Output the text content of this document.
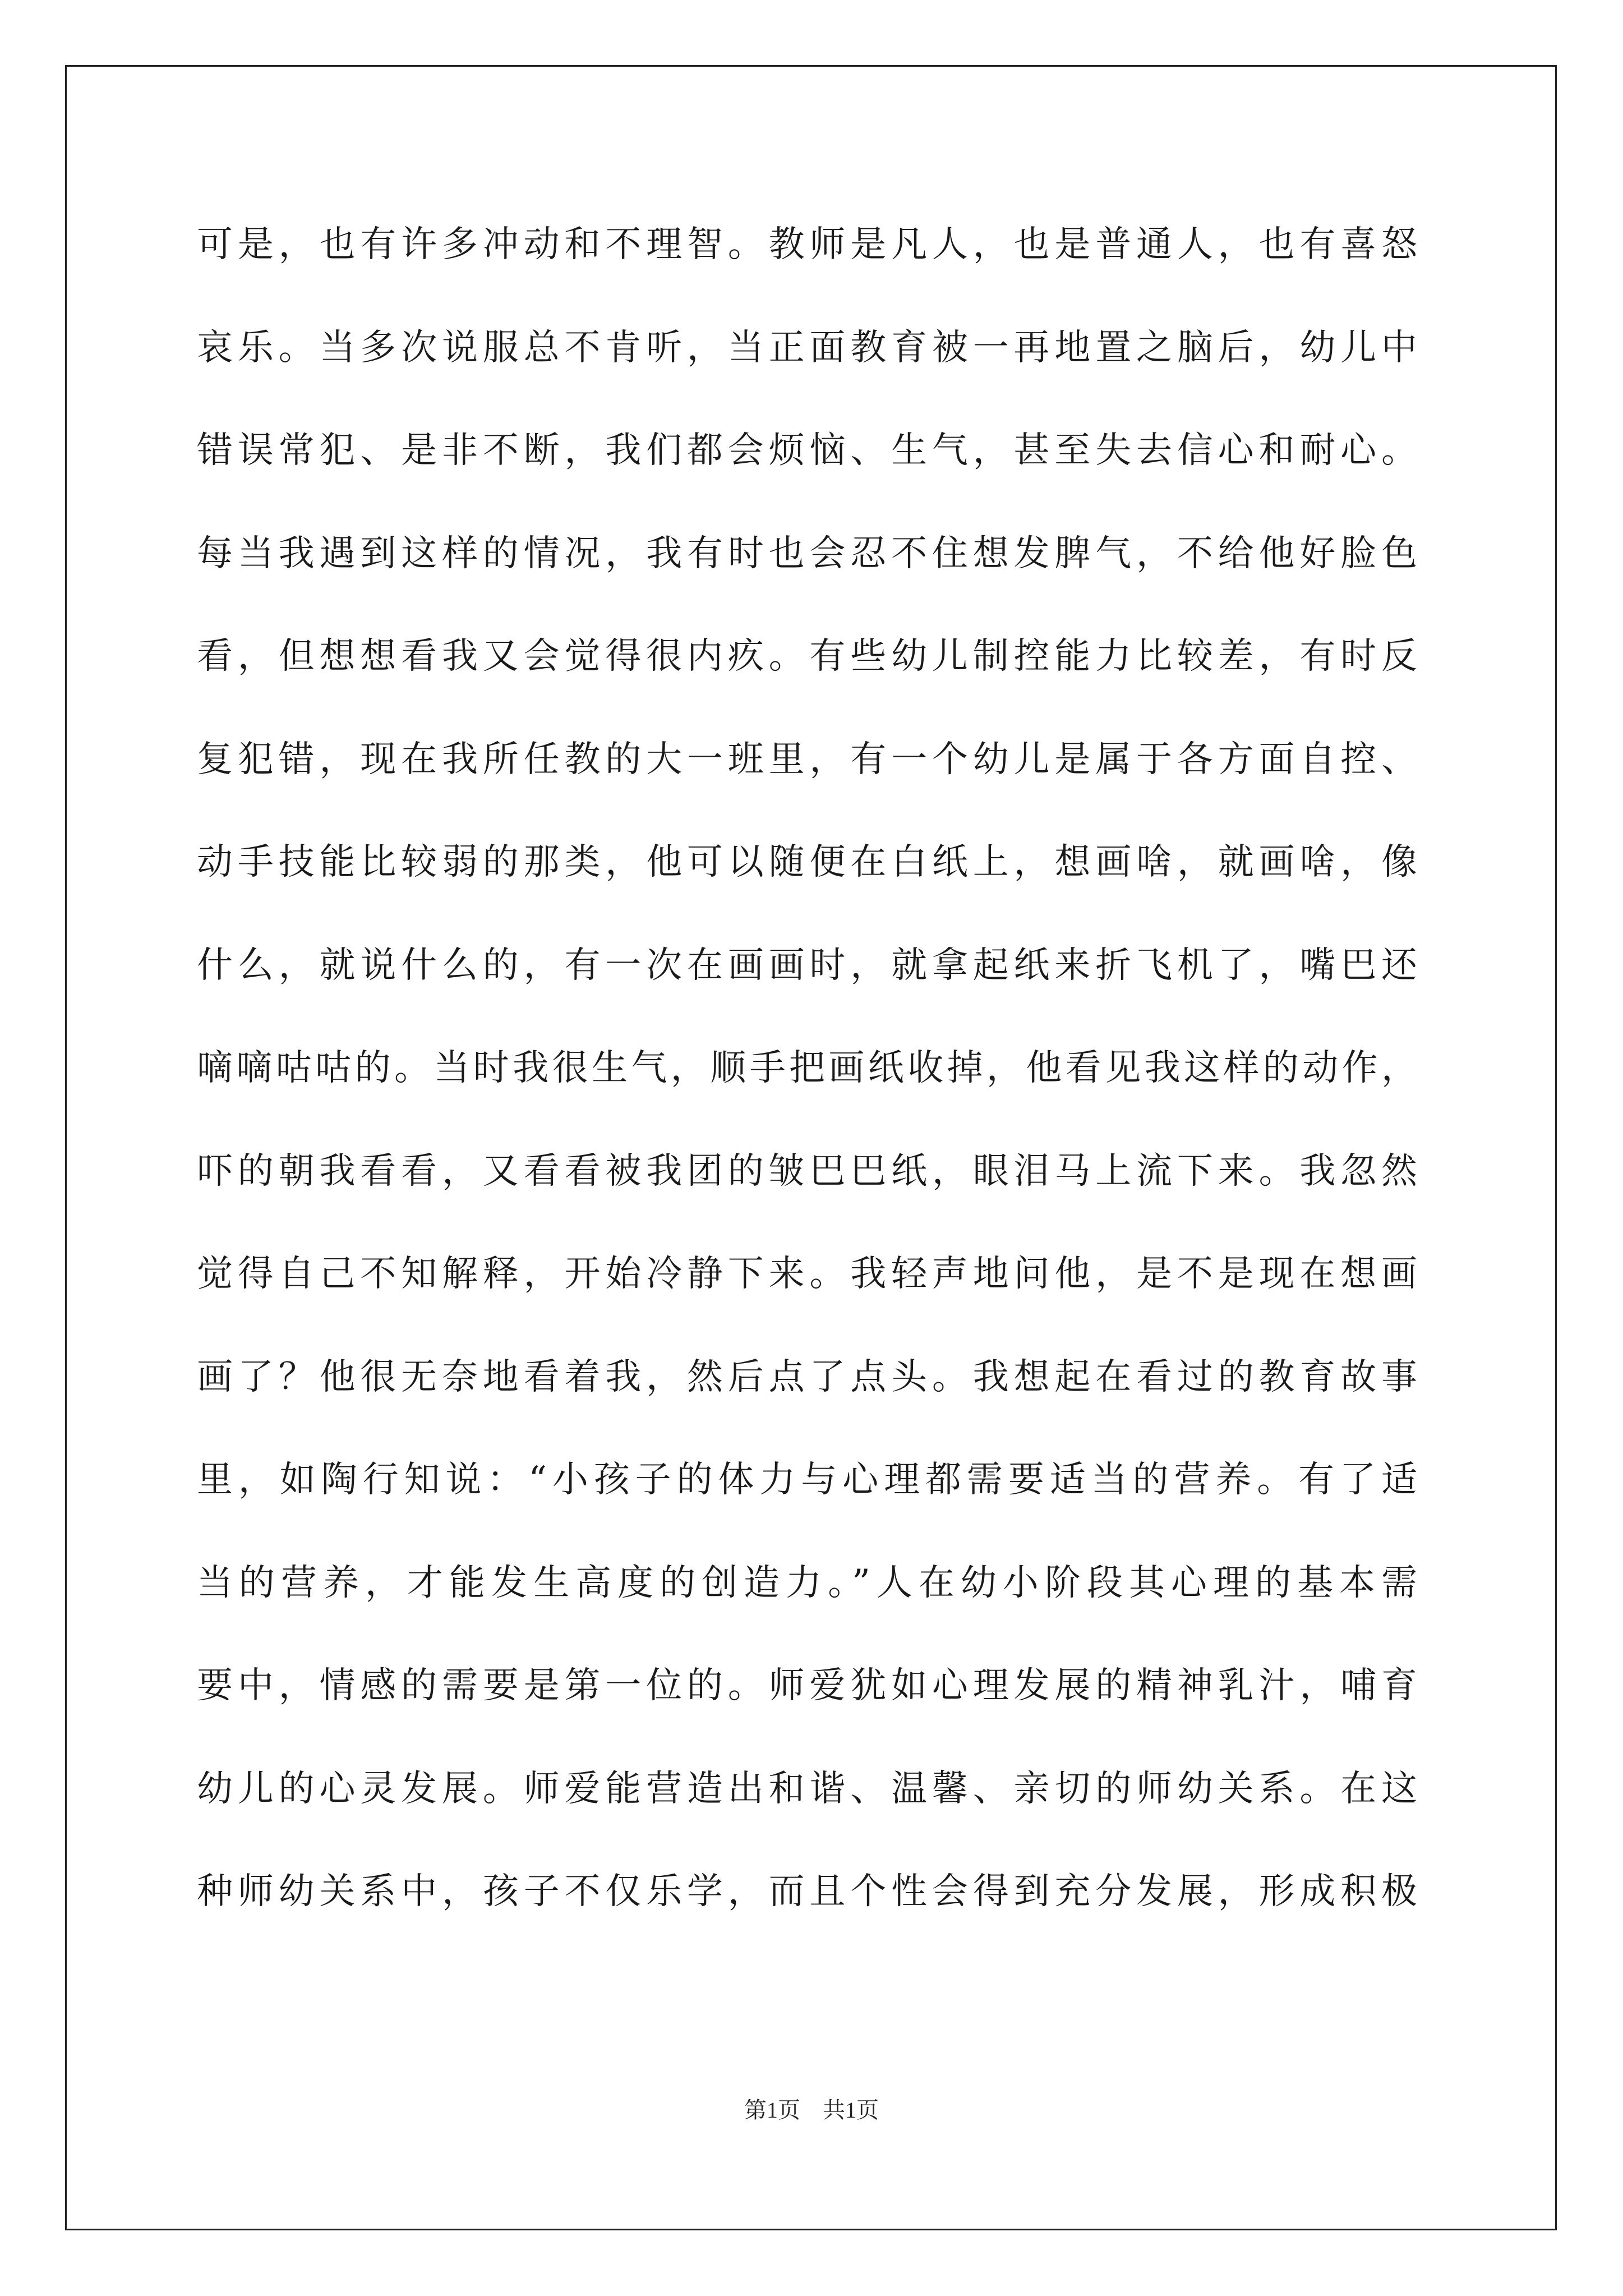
可是，也有许多冲动和不理智。教师是凡人，也是普通人，也有喜怒
哀乐。当多次说服总不肯听，当正面教育被一再地置之脑后，幼儿中
错误常犯、是非不断，我们都会烦恼、生气，甚至失去信心和耐心。
每当我遇到这样的情况，我有时也会忍不住想发脾气，不给他好脸色
看，但想想看我又会觉得很内疚。有些幼儿制控能力比较差，有时反
复犯错，现在我所任教的大一班里，有一个幼儿是属于各方面自控、
动手技能比较弱的那类，他可以随便在白纸上，想画啥，就画啥，像
什么，就说什么的，有一次在画画时，就拿起纸来折飞机了，嘴巴还
嘀嘀咕咕的。当时我很生气，顺手把画纸收掉，他看见我这样的动作，
吓的朝我看看，又看看被我团的皱巴巴纸，眼泪马上流下来。我忽然
觉得自己不知解释，开始冷静下来。我轻声地问他，是不是现在想画
画了？他很无奈地看着我，然后点了点头。我想起在看过的教育故事
里，如陶行知说：“小孩子的体力与心理都需要适当的营养。有了适
当的营养，才能发生高度的创造力。”人在幼小阶段其心理的基本需
要中，情感的需要是第一位的。师爱犹如心理发展的精神乳汁，哺育
幼儿的心灵发展。师爱能营造出和谐、温馨、亲切的师幼关系。在这
种师幼关系中，孩子不仅乐学，而且个性会得到充分发展，形成积极
第1页 共1页
